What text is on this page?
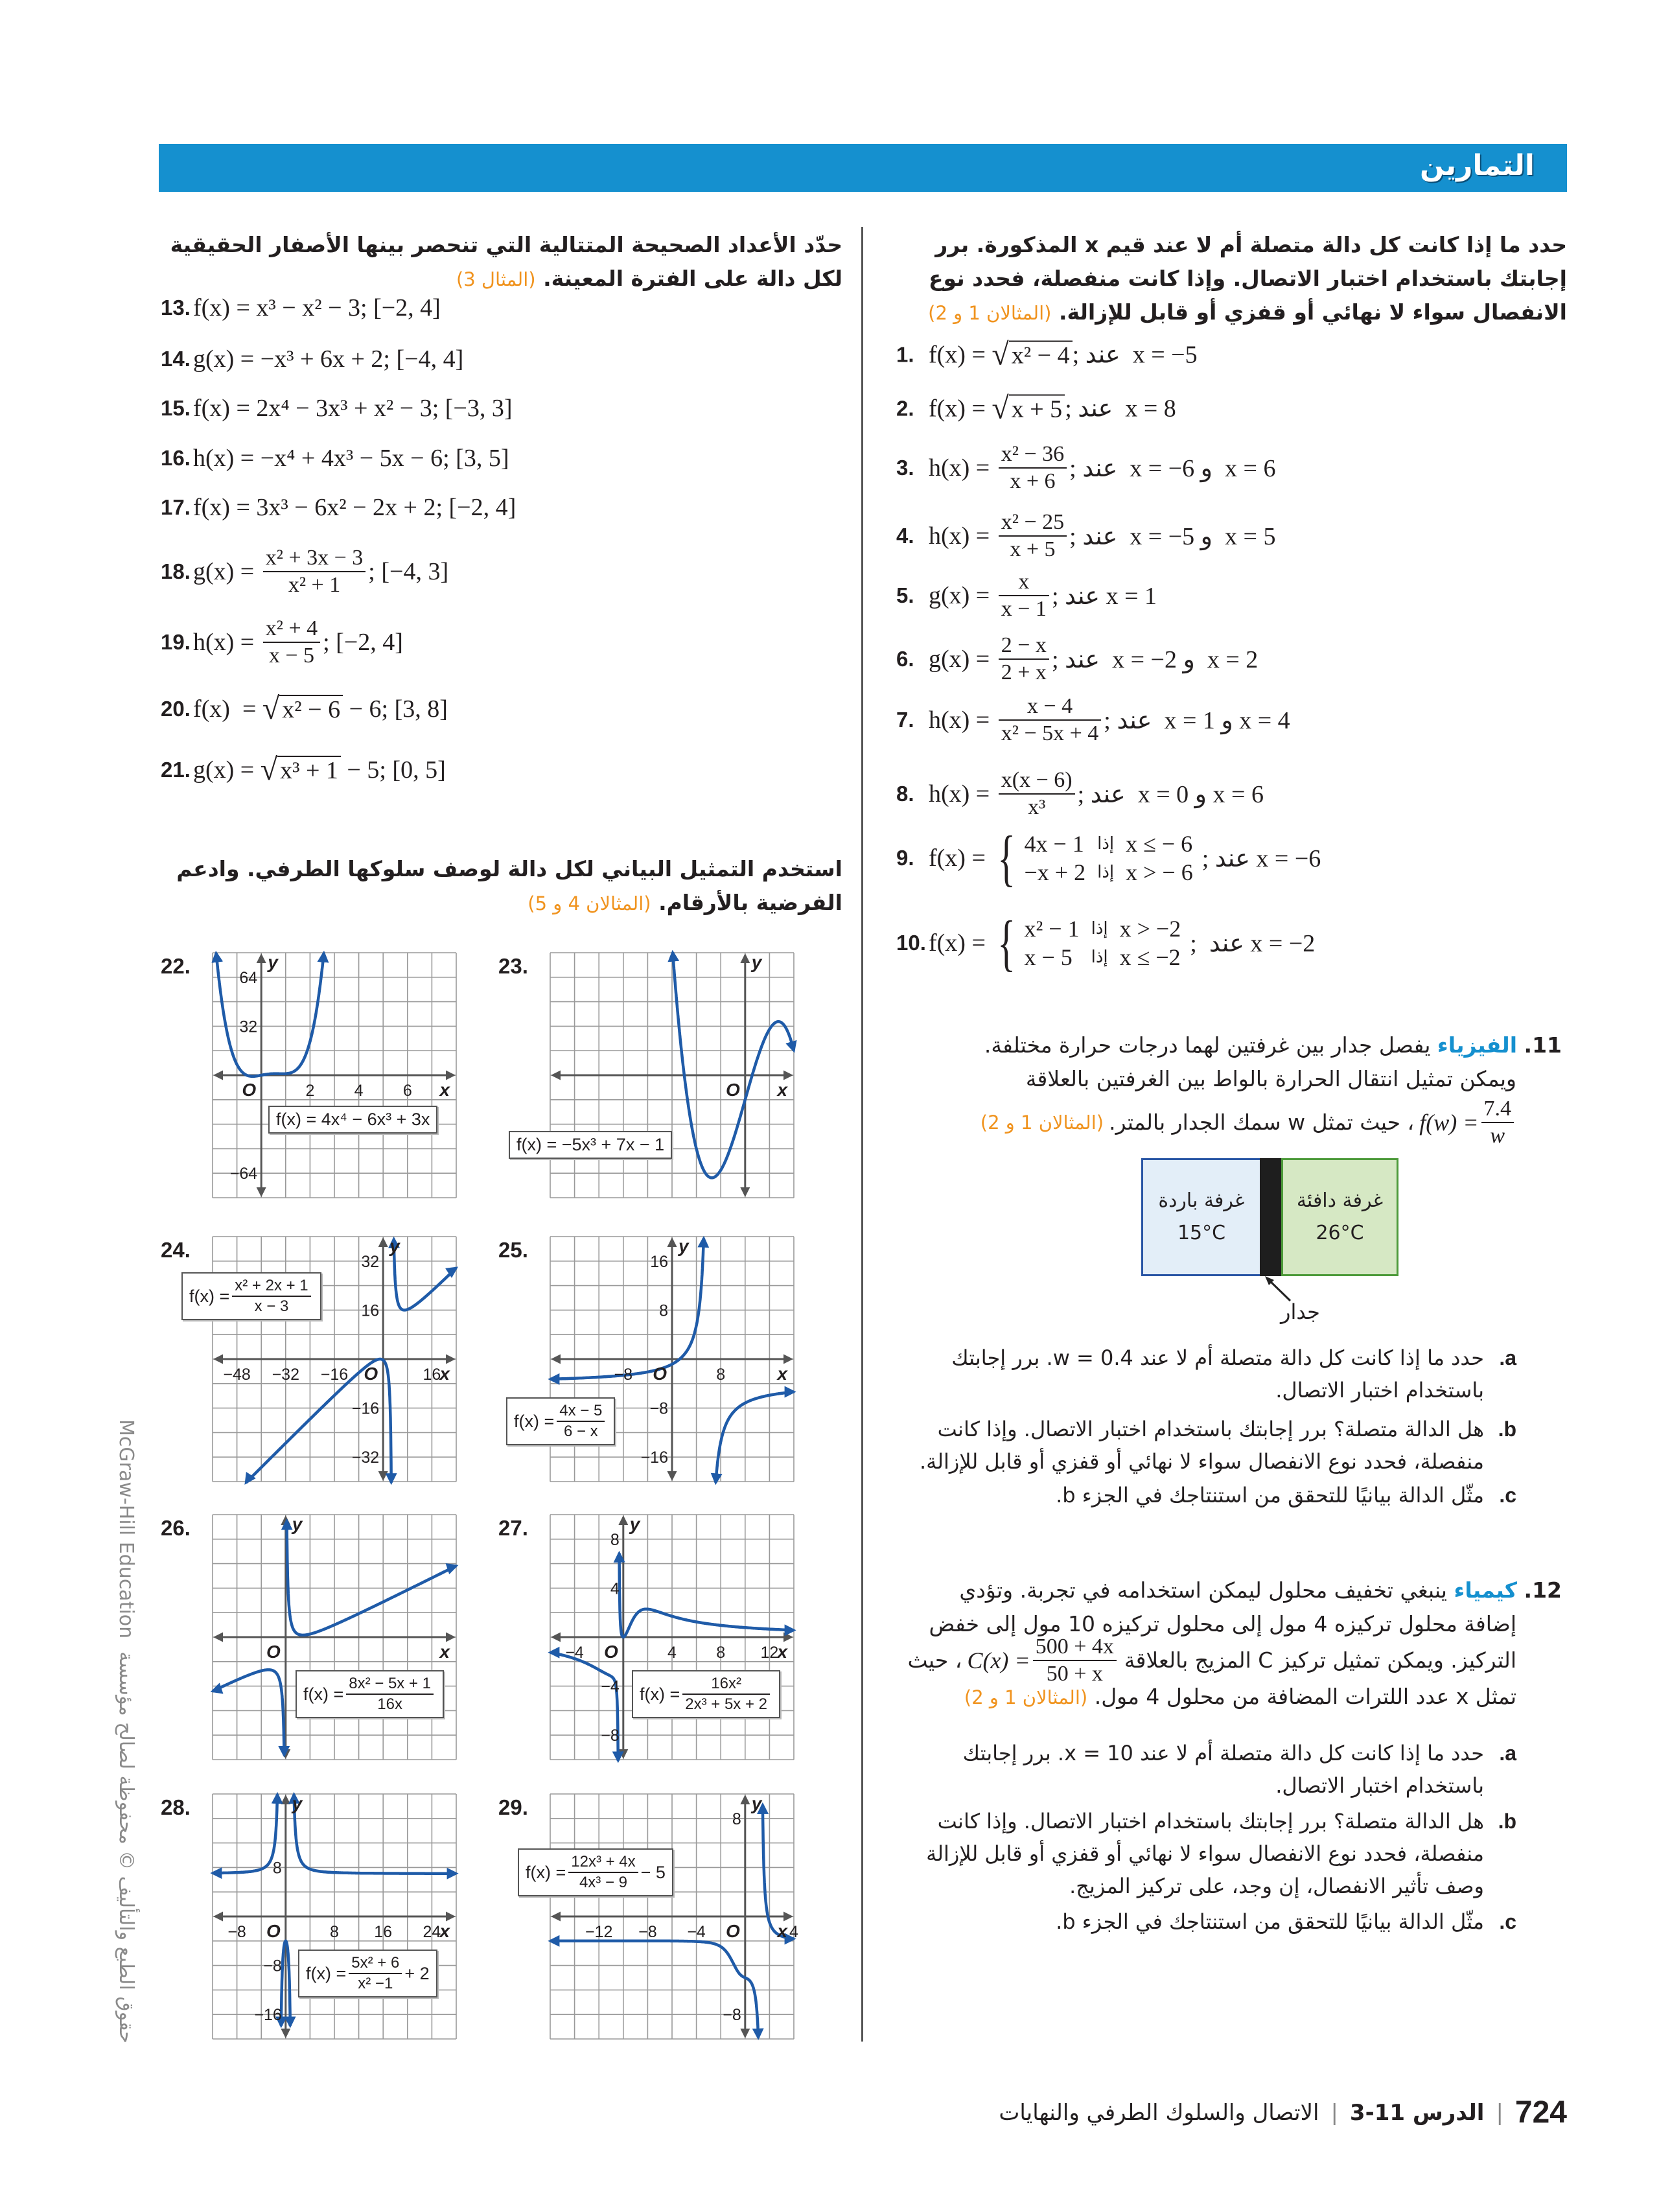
التمارين
حدد ما إذا كانت كل دالة متصلة أم لا عند قيم x المذكورة. برر إجابتك باستخدام اختبار الاتصال. وإذا كانت منفصلة، فحدد نوع الانفصال سواء لا نهائي أو قفزي أو قابل للإزالة. (المثالان 1 و 2)
1. f(x) = √ x² − 4 ; عند  x = −5
2. f(x) = √ x + 5 ; عند  x = 8
3. $h(x) = \frac{\text{x² − 36}}{x + 6}$ ; عند  x = −6 و  x = 6
4. $h(x) = \frac{\text{x² − 25}}{x + 5}$ ; عند  x = −5 و  x = 5
5. $g(x) = \frac{x}{x - 1}$ ; عند x = 1
6. $g(x) = \frac{2 - x}{2 + x}$ ; عند  x = −2 و  x = 2
7. $h(x) = \frac{x - 4}{\text{x² − 5x + 4}}$ ; عند  x = 1 و x = 4
8. $h(x) = \frac{x(x - 6)}{\text{x³}}$ ; عند  x = 0 و x = 6
9. f(x) = { 4x − 1	إذا	x ≤ − 6
−x + 2	إذا	x > − 6
; عند x = −6
10. f(x) = { x² − 1	إذا	x > −2
x − 5	إذا	x ≤ −2
;  عند x = −2
حدّد الأعداد الصحيحة المتتالية التي تنحصر بينها الأصفار الحقيقية لكل دالة على الفترة المعينة. (المثال 3)
13. f(x) = x³ − x² − 3; [−2, 4]
14. g(x) = −x³ + 6x + 2; [−4, 4]
15. f(x) = 2x⁴ − 3x³ + x² − 3; [−3, 3]
16. h(x) = −x⁴ + 4x³ − 5x − 6; [3, 5]
17. f(x) = 3x³ − 6x² − 2x + 2; [−2, 4]
18. $g(x) = \frac{\text{x² + 3x − 3}}{\text{x² + 1}}$ ; [−4, 3]
19. $h(x) = \frac{\text{x² + 4}}{x - 5}$ ; [−2, 4]
20. f(x)  = √ x² − 6 − 6; [3, 8]
21. g(x) = √ x³ + 1 − 5; [0, 5]
استخدم التمثيل البياني لكل دالة لوصف سلوكها الطرفي. وادعم الفرضية بالأرقام. (المثالان 4 و 5)
22.
2 4 6
64
32
−64
O	x
y
f(x) = 4x⁴ − 6x³ + 3x
23.
O x
y
f(x) = −5x³ + 7x − 1
24.
−48 −32 −16	16
32
16
−16
−32
O	x
y
$f(x) = \frac{\text{x² + 2x + 1}}{x - 3}$
25.
−8	8
16
8
−8
−16
O	x
y
$f(x) = \frac{4x - 5}{6 - x}$
26.
O	x
y
$f(x) = \frac{\text{8x² − 5x + 1}}{16x}$
27.
−4	4 8 12
8
4
−4
−8
O	x
y
$f(x) = \frac{\text{16x²}}{\text{2x³ + 5x + 2}}$
28.
−8	8 16 24
8
−8
−16
O	x
y
$f(x) = \frac{\text{5x² + 6}}{\text{x² −1}} + 2$
29.
−12 −8 −4	4
8
−8
O x
y
$f(x) = \frac{\text{12x³ + 4x}}{\text{4x³ − 9}} - 5$
11. الفيزياء يفصل جدار بين غرفتين لهما درجات حرارة مختلفة.
ويمكن تمثيل انتقال الحرارة بالواط بين الغرفتين بالعلاقة
$f(w) = \frac{7.4}{w}$
، حيث تمثل w سمك الجدار بالمتر.
(المثالان 1 و 2)
غرفة باردة
15°C
غرفة دافئة
26°C
جدار
a.
حدد ما إذا كانت كل دالة متصلة أم لا عند w = 0.4. برر إجابتك باستخدام اختبار الاتصال.
b.
هل الدالة متصلة؟ برر إجابتك باستخدام اختبار الاتصال. وإذا كانت منفصلة، فحدد نوع الانفصال سواء لا نهائي أو قفزي أو قابل للإزالة.
c.
مثّل الدالة بيانيًا للتحقق من استنتاجك في الجزء b.
12. كيمياء ينبغي تخفيف محلول ليمكن استخدامه في تجربة. وتؤدي
إضافة محلول تركيزه 4 مول إلى محلول تركيزه 10 مول إلى خفض
التركيز. ويمكن تمثيل تركيز C المزيج بالعلاقة
$C(x) = \frac{500 + 4x}{50 + x}$
، حيث
تمثل x عدد اللترات المضافة من محلول 4 مول. (المثالان 1 و 2)
a.
حدد ما إذا كانت كل دالة متصلة أم لا عند x = 10. برر إجابتك باستخدام اختبار الاتصال.
b.
هل الدالة متصلة؟ برر إجابتك باستخدام اختبار الاتصال. وإذا كانت منفصلة، فحدد نوع الانفصال سواء لا نهائي أو قفزي أو قابل للإزالة وصف تأثير الانفصال، إن وجد، على تركيز المزيج.
c.
مثّل الدالة بيانيًا للتحقق من استنتاجك في الجزء b.
724
|
الدرس 11-3
|
الاتصال والسلوك الطرفي والنهايات
McGraw-Hill Education
حقوق الطبع والتأليف © محفوظة لصالح مؤسسة
